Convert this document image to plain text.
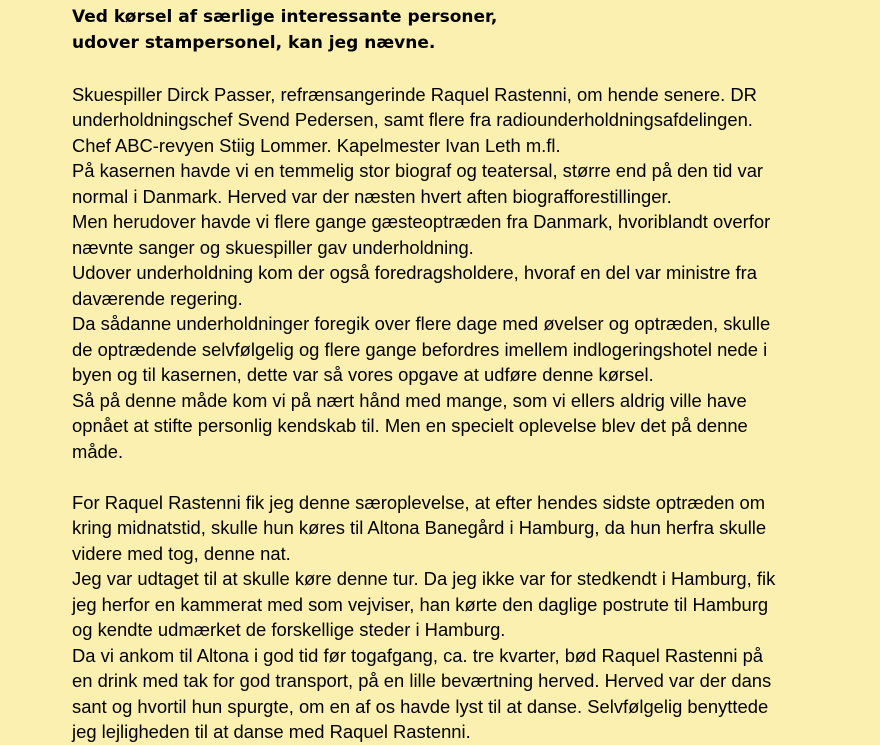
Ved kørsel af særlige interessante personer,
udover stampersonel, kan jeg nævne.
Skuespiller Dirck Passer, refrænsangerinde Raquel Rastenni, om hende senere. DR
underholdningschef Svend Pedersen, samt flere fra radiounderholdningsafdelingen.
Chef ABC-revyen Stiig Lommer. Kapelmester Ivan Leth m.fl.
På kasernen havde vi en temmelig stor biograf og teatersal, større end på den tid var
normal i Danmark. Herved var der næsten hvert aften biografforestillinger.
Men herudover havde vi flere gange gæsteoptræden fra Danmark, hvoriblandt overfor
nævnte sanger og skuespiller gav underholdning.
Udover underholdning kom der også foredragsholdere, hvoraf en del var ministre fra
daværende regering.
Da sådanne underholdninger foregik over flere dage med øvelser og optræden, skulle
de optrædende selvfølgelig og flere gange befordres imellem indlogeringshotel nede i
byen og til kasernen, dette var så vores opgave at udføre denne kørsel.
Så på denne måde kom vi på nært hånd med mange, som vi ellers aldrig ville have
opnået at stifte personlig kendskab til. Men en specielt oplevelse blev det på denne
måde.
For Raquel Rastenni fik jeg denne særoplevelse, at efter hendes sidste optræden om
kring midnatstid, skulle hun køres til Altona Banegård i Hamburg, da hun herfra skulle
videre med tog, denne nat.
Jeg var udtaget til at skulle køre denne tur. Da jeg ikke var for stedkendt i Hamburg, fik
jeg herfor en kammerat med som vejviser, han kørte den daglige postrute til Hamburg
og kendte udmærket de forskellige steder i Hamburg.
Da vi ankom til Altona i god tid før togafgang, ca. tre kvarter, bød Raquel Rastenni på
en drink med tak for god transport, på en lille beværtning herved. Herved var der dans
sant og hvortil hun spurgte, om en af os havde lyst til at danse. Selvfølgelig benyttede
jeg lejligheden til at danse med Raquel Rastenni.
